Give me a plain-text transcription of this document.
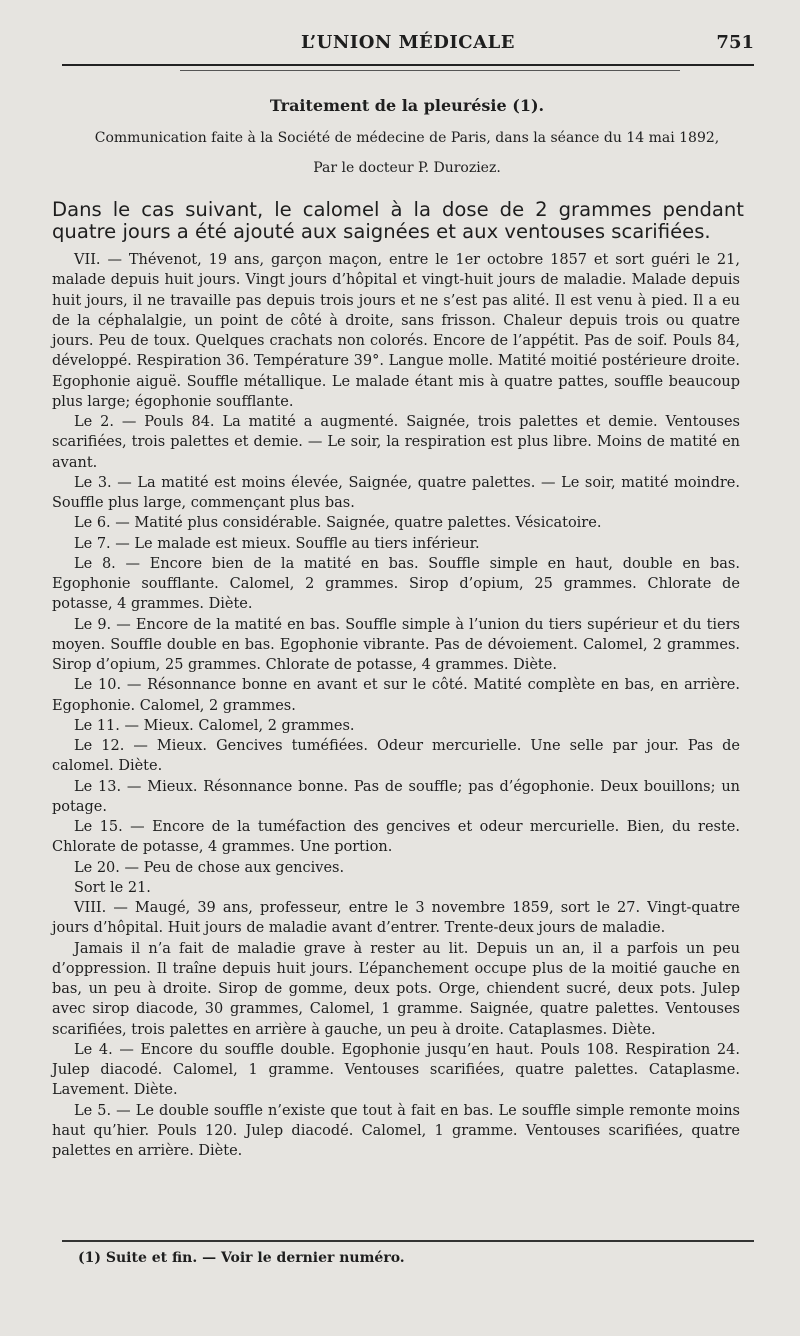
L’UNION MÉDICALE	751
Traitement de la pleurésie (1).
Communication faite à la Société de médecine de Paris, dans la séance du 14 mai 1892,
Par le docteur P. Duroziez.
Dans le cas suivant, le calomel à la dose de 2 grammes pendant quatre jours a été ajouté aux saignées et aux ventouses scarifiées.

VII. — Thévenot, 19 ans, garçon maçon, entre le 1er octobre 1857 et sort guéri le 21, malade depuis huit jours. Vingt jours d’hôpital et vingt-huit jours de maladie. Malade depuis huit jours, il ne travaille pas depuis trois jours et ne s’est pas alité. Il est venu à pied. Il a eu de la céphalalgie, un point de côté à droite, sans frisson. Chaleur depuis trois ou quatre jours. Peu de toux. Quelques crachats non colorés. Encore de l’appétit. Pas de soif. Pouls 84, développé. Respiration 36. Température 39°. Langue molle. Matité moitié postérieure droite. Egophonie aiguë. Souffle métallique. Le malade étant mis à quatre pattes, souffle beaucoup plus large; égophonie soufflante.

Le 2. — Pouls 84. La matité a augmenté. Saignée, trois palettes et demie. Ventouses scarifiées, trois palettes et demie. — Le soir, la respiration est plus libre. Moins de matité en avant.

Le 3. — La matité est moins élevée, Saignée, quatre palettes. — Le soir, matité moindre. Souffle plus large, commençant plus bas.

Le 6. — Matité plus considérable. Saignée, quatre palettes. Vésicatoire.

Le 7. — Le malade est mieux. Souffle au tiers inférieur.

Le 8. — Encore bien de la matité en bas. Souffle simple en haut, double en bas. Egophonie soufflante. Calomel, 2 grammes. Sirop d’opium, 25 grammes. Chlorate de potasse, 4 grammes. Diète.

Le 9. — Encore de la matité en bas. Souffle simple à l’union du tiers supérieur et du tiers moyen. Souffle double en bas. Egophonie vibrante. Pas de dévoiement. Calomel, 2 grammes. Sirop d’opium, 25 grammes. Chlorate de potasse, 4 grammes. Diète.

Le 10. — Résonnance bonne en avant et sur le côté. Matité complète en bas, en arrière. Egophonie. Calomel, 2 grammes.

Le 11. — Mieux. Calomel, 2 grammes.

Le 12. — Mieux. Gencives tuméfiées. Odeur mercurielle. Une selle par jour. Pas de calomel. Diète.

Le 13. — Mieux. Résonnance bonne. Pas de souffle; pas d’égophonie. Deux bouillons; un potage.

Le 15. — Encore de la tuméfaction des gencives et odeur mercurielle. Bien, du reste. Chlorate de potasse, 4 grammes. Une portion.

Le 20. — Peu de chose aux gencives.

Sort le 21.

VIII. — Maugé, 39 ans, professeur, entre le 3 novembre 1859, sort le 27. Vingt-quatre jours d’hôpital. Huit jours de maladie avant d’entrer. Trente-deux jours de maladie.

Jamais il n’a fait de maladie grave à rester au lit. Depuis un an, il a parfois un peu d’oppression. Il traîne depuis huit jours. L’épanchement occupe plus de la moitié gauche en bas, un peu à droite. Sirop de gomme, deux pots. Orge, chiendent sucré, deux pots. Julep avec sirop diacode, 30 grammes, Calomel, 1 gramme. Saignée, quatre palettes. Ventouses scarifiées, trois palettes en arrière à gauche, un peu à droite. Cataplasmes. Diète.

Le 4. — Encore du souffle double. Egophonie jusqu’en haut. Pouls 108. Respiration 24. Julep diacodé. Calomel, 1 gramme. Ventouses scarifiées, quatre palettes. Cataplasme. Lavement. Diète.

Le 5. — Le double souffle n’existe que tout à fait en bas. Le souffle simple remonte moins haut qu’hier. Pouls 120. Julep diacodé. Calomel, 1 gramme. Ventouses scarifiées, quatre palettes en arrière. Diète.

(1) Suite et fin. — Voir le dernier numéro.
